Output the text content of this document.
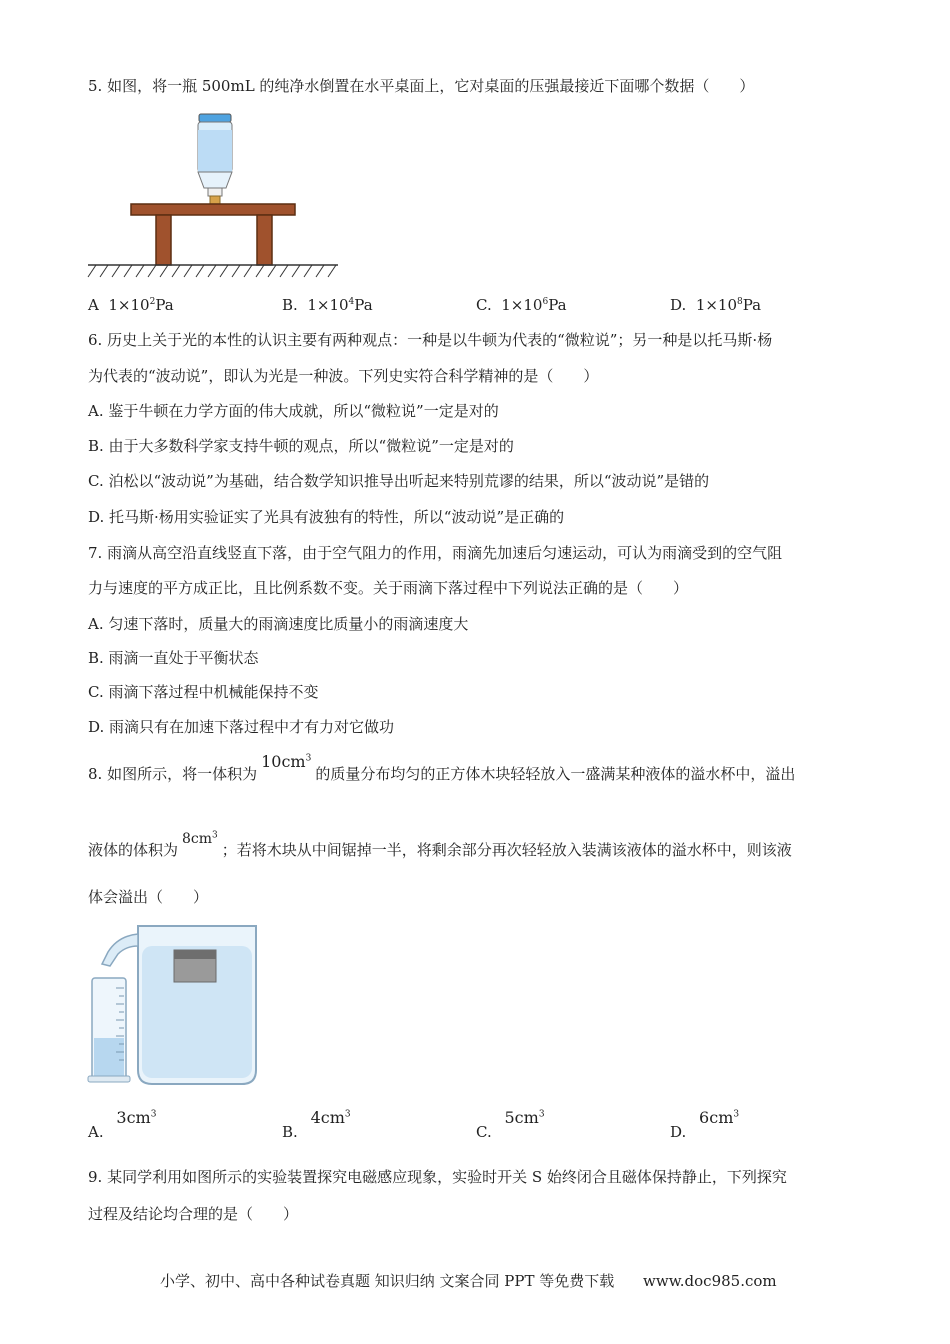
5. 如图，将一瓶 500mL 的纯净水倒置在水平桌面上，它对桌面的压强最接近下面哪个数据（　　）
A $1\times 10^2Pa$	B. $1\times 10^4Pa$	C. $1\times 10^6Pa$	D. $1\times 10^8Pa$
6. 历史上关于光的本性的认识主要有两种观点：一种是以牛顿为代表的“微粒说”；另一种是以托马斯·杨
为代表的“波动说”，即认为光是一种波。下列史实符合科学精神的是（　　）
A. 鉴于牛顿在力学方面的伟大成就，所以“微粒说”一定是对的
B. 由于大多数科学家支持牛顿的观点，所以“微粒说”一定是对的
C. 泊松以“波动说”为基础，结合数学知识推导出听起来特别荒谬的结果，所以“波动说”是错的
D. 托马斯·杨用实验证实了光具有波独有的特性，所以“波动说”是正确的
7. 雨滴从高空沿直线竖直下落，由于空气阻力的作用，雨滴先加速后匀速运动，可认为雨滴受到的空气阻
力与速度的平方成正比，且比例系数不变。关于雨滴下落过程中下列说法正确的是（　　）
A. 匀速下落时，质量大的雨滴速度比质量小的雨滴速度大
B. 雨滴一直处于平衡状态
C. 雨滴下落过程中机械能保持不变
D. 雨滴只有在加速下落过程中才有力对它做功
8. 如图所示，将一体积为$10cm^3$的质量分布均匀的正方体木块轻轻放入一盛满某种液体的溢水杯中，溢出
液体的体积为$8cm^3$；若将木块从中间锯掉一半，将剩余部分再次轻轻放入装满该液体的溢水杯中，则该液
体会溢出（　　）
A. $3cm^3$
B. $4cm^3$
C. $5cm^3$
D. $6cm^3$
9. 某同学利用如图所示的实验装置探究电磁感应现象，实验时开关 S 始终闭合且磁体保持静止，下列探究
过程及结论均合理的是（　　）
小学、初中、高中各种试卷真题 知识归纳 文案合同 PPT 等免费下载 www.doc985.com
